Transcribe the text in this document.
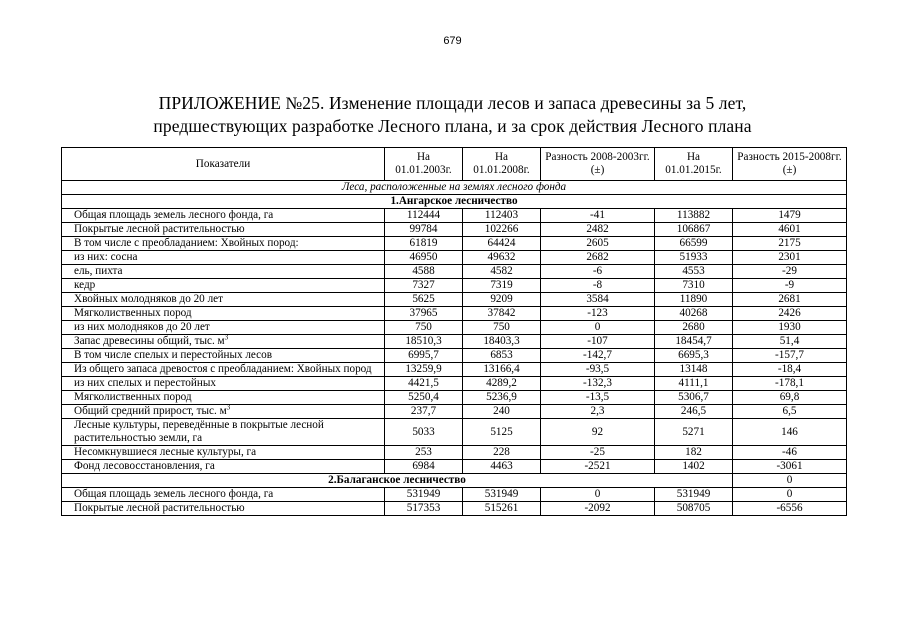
679
ПРИЛОЖЕНИЕ №25. Изменение площади лесов и запаса древесины за 5 лет,
предшествующих разработке Лесного плана, и за срок действия Лесного плана
Показатели	На 01.01.2003г.	На 01.01.2008г.	Разность 2008-2003гг. (±)	На 01.01.2015г.	Разность 2015-2008гг. (±)
Леса, расположенные на землях лесного фонда					
1.Ангарское лесничество					
Общая площадь земель лесного фонда, га	112444	112403	-41	113882	1479
Покрытые лесной растительностью	99784	102266	2482	106867	4601
В том числе с преобладанием: Хвойных пород:	61819	64424	2605	66599	2175
из них: сосна	46950	49632	2682	51933	2301
ель, пихта	4588	4582	-6	4553	-29
кедр	7327	7319	-8	7310	-9
Хвойных молодняков до 20 лет	5625	9209	3584	11890	2681
Мягколиственных пород	37965	37842	-123	40268	2426
из них молодняков до 20 лет	750	750	0	2680	1930
Запас древесины общий, тыс. $м^3$	18510,3	18403,3	-107	18454,7	51,4
В том числе спелых и перестойных лесов	6995,7	6853	-142,7	6695,3	-157,7
Из общего запаса древостоя с преобладанием: Хвойных пород	13259,9	13166,4	-93,5	13148	-18,4
из них спелых и перестойных	4421,5	4289,2	-132,3	4111,1	-178,1
Мягколиственных пород	5250,4	5236,9	-13,5	5306,7	69,8
Общий средний прирост, тыс. $м^3$	237,7	240	2,3	246,5	6,5
Лесные культуры, переведённые в покрытые лесной растительностью земли, га	5033	5125	92	5271	146
Несомкнувшиеся лесные культуры, га	253	228	-25	182	-46
Фонд лесовосстановления, га	6984	4463	-2521	1402	-3061
2.Балаганское лесничество					0
Общая площадь земель лесного фонда, га	531949	531949	0	531949	0
Покрытые лесной растительностью	517353	515261	-2092	508705	-6556
